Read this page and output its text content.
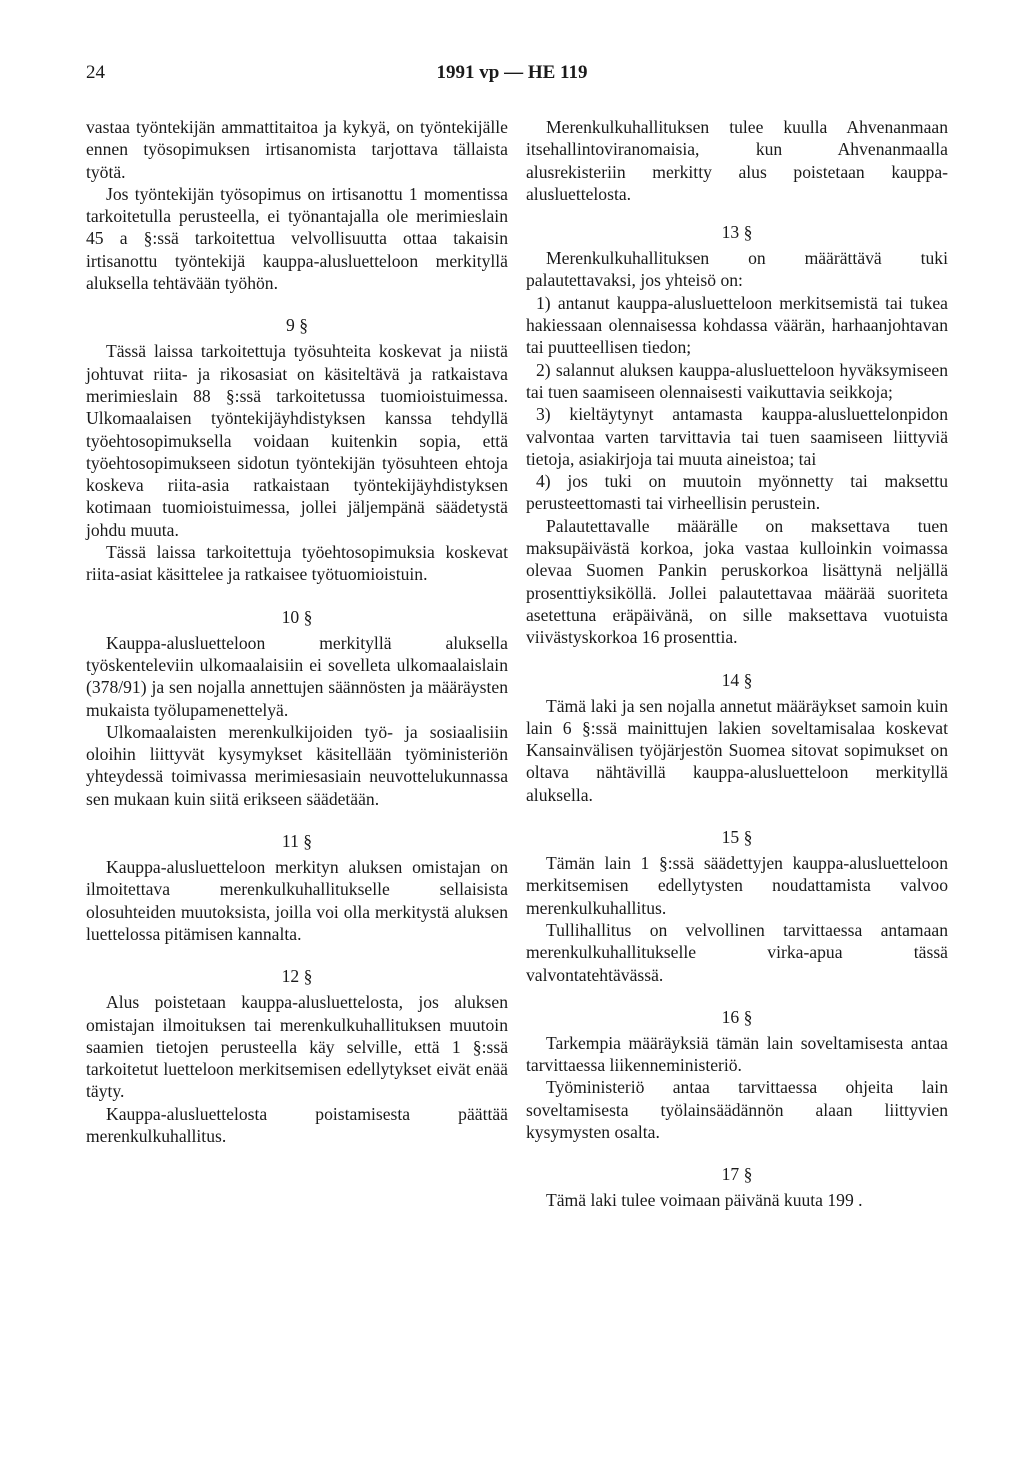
24	1991 vp — HE 119

vastaa työntekijän ammattitaitoa ja kykyä, on työntekijälle ennen työsopimuksen irtisanomista tarjottava tällaista työtä.

Jos työntekijän työsopimus on irtisanottu 1 momentissa tarkoitetulla perusteella, ei työnantajalla ole merimieslain 45 a §:ssä tarkoitettua velvollisuutta ottaa takaisin irtisanottu työntekijä kauppa-alusluetteloon merkityllä aluksella tehtävään työhön.

9 §

Tässä laissa tarkoitettuja työsuhteita koskevat ja niistä johtuvat riita- ja rikosasiat on käsiteltävä ja ratkaistava merimieslain 88 §:ssä tarkoitetussa tuomioistuimessa. Ulkomaalaisen työntekijäyhdistyksen kanssa tehdyllä työehtosopimuksella voidaan kuitenkin sopia, että työehtosopimukseen sidotun työntekijän työsuhteen ehtoja koskeva riita-asia ratkaistaan työntekijäyhdistyksen kotimaan tuomioistuimessa, jollei jäljempänä säädetystä johdu muuta.

Tässä laissa tarkoitettuja työehtosopimuksia koskevat riita-asiat käsittelee ja ratkaisee työtuomioistuin.

10 §

Kauppa-alusluetteloon merkityllä aluksella työskenteleviin ulkomaalaisiin ei sovelleta ulkomaalaislain (378/91) ja sen nojalla annettujen säännösten ja määräysten mukaista työlupamenettelyä.

Ulkomaalaisten merenkulkijoiden työ- ja sosiaalisiin oloihin liittyvät kysymykset käsitellään työministeriön yhteydessä toimivassa merimiesasiain neuvottelukunnassa sen mukaan kuin siitä erikseen säädetään.

11 §

Kauppa-alusluetteloon merkityn aluksen omistajan on ilmoitettava merenkulkuhallitukselle sellaisista olosuhteiden muutoksista, joilla voi olla merkitystä aluksen luettelossa pitämisen kannalta.

12 §

Alus poistetaan kauppa-alusluettelosta, jos aluksen omistajan ilmoituksen tai merenkulkuhallituksen muutoin saamien tietojen perusteella käy selville, että 1 §:ssä tarkoitetut luetteloon merkitsemisen edellytykset eivät enää täyty.

Kauppa-alusluettelosta poistamisesta päättää merenkulkuhallitus.

Merenkulkuhallituksen tulee kuulla Ahvenanmaan itsehallintoviranomaisia, kun Ahvenanmaalla alusrekisteriin merkitty alus poistetaan kauppa-alusluettelosta.

13 §

Merenkulkuhallituksen on määrättävä tuki palautettavaksi, jos yhteisö on:

1) antanut kauppa-alusluetteloon merkitsemistä tai tukea hakiessaan olennaisessa kohdassa väärän, harhaanjohtavan tai puutteellisen tiedon;

2) salannut aluksen kauppa-alusluetteloon hyväksymiseen tai tuen saamiseen olennaisesti vaikuttavia seikkoja;

3) kieltäytynyt antamasta kauppa-alusluettelonpidon valvontaa varten tarvittavia tai tuen saamiseen liittyviä tietoja, asiakirjoja tai muuta aineistoa; tai

4) jos tuki on muutoin myönnetty tai maksettu perusteettomasti tai virheellisin perustein.

Palautettavalle määrälle on maksettava tuen maksupäivästä korkoa, joka vastaa kulloinkin voimassa olevaa Suomen Pankin peruskorkoa lisättynä neljällä prosenttiyksiköllä. Jollei palautettavaa määrää suoriteta asetettuna eräpäivänä, on sille maksettava vuotuista viivästyskorkoa 16 prosenttia.

14 §

Tämä laki ja sen nojalla annetut määräykset samoin kuin lain 6 §:ssä mainittujen lakien soveltamisalaa koskevat Kansainvälisen työjärjestön Suomea sitovat sopimukset on oltava nähtävillä kauppa-alusluetteloon merkityllä aluksella.

15 §

Tämän lain 1 §:ssä säädettyjen kauppa-alusluetteloon merkitsemisen edellytysten noudattamista valvoo merenkulkuhallitus.

Tullihallitus on velvollinen tarvittaessa antamaan merenkulkuhallitukselle virka-apua tässä valvontatehtävässä.

16 §

Tarkempia määräyksiä tämän lain soveltamisesta antaa tarvittaessa liikenneministeriö.

Työministeriö antaa tarvittaessa ohjeita lain soveltamisesta työlainsäädännön alaan liittyvien kysymysten osalta.

17 §

Tämä laki tulee voimaan päivänä kuuta 199 .
